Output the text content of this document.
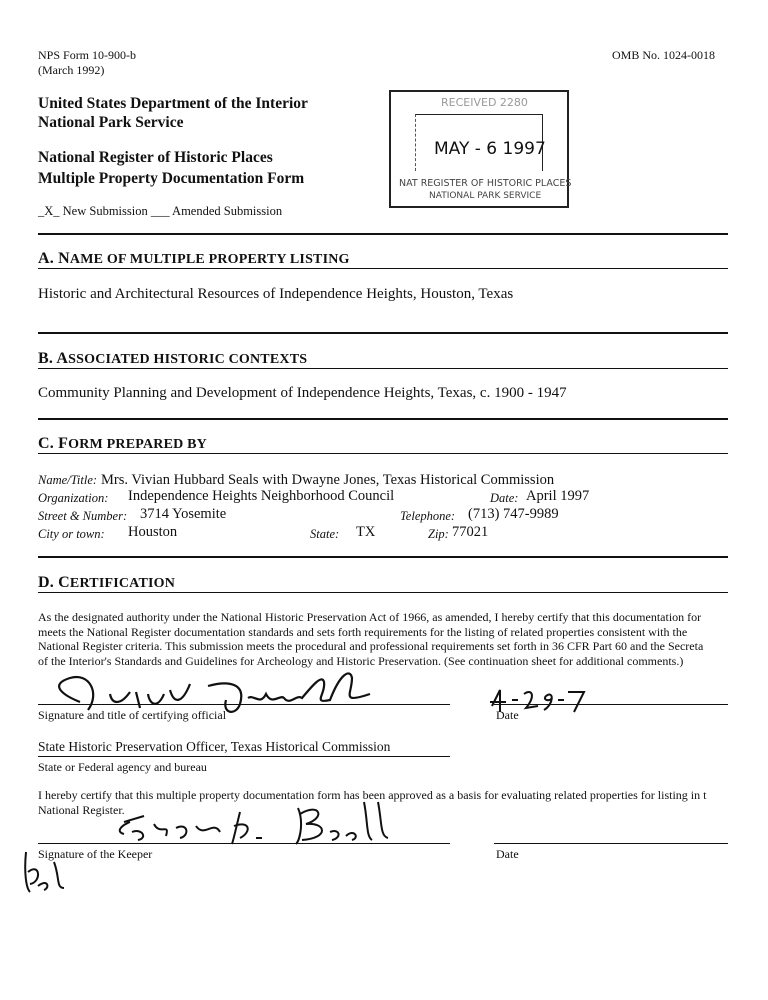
NPS Form 10-900-b
(March 1992)
OMB No. 1024-0018
United States Department of the Interior
National Park Service
National Register of Historic Places
Multiple Property Documentation Form
_X_ New Submission ___ Amended Submission
RECEIVED 2280
MAY - 6 1997
NAT REGISTER OF HISTORIC PLACES
NATIONAL PARK SERVICE
A. NAME OF MULTIPLE PROPERTY LISTING
Historic and Architectural Resources of Independence Heights, Houston, Texas
B. ASSOCIATED HISTORIC CONTEXTS
Community Planning and Development of Independence Heights, Texas, c. 1900 - 1947
C. FORM PREPARED BY
Name/Title: Mrs. Vivian Hubbard Seals with Dwayne Jones, Texas Historical Commission
Organization: Independence Heights Neighborhood Council	Date: April 1997
Street & Number: 3714 Yosemite	Telephone: (713) 747-9989
City or town: Houston	State: TX	Zip: 77021
D. CERTIFICATION
As the designated authority under the National Historic Preservation Act of 1966, as amended, I hereby certify that this documentation for
meets the National Register documentation standards and sets forth requirements for the listing of related properties consistent with the
National Register criteria. This submission meets the procedural and professional requirements set forth in 36 CFR Part 60 and the Secreta
of the Interior's Standards and Guidelines for Archeology and Historic Preservation. (See continuation sheet for additional comments.)
Signature and title of certifying official	Date
State Historic Preservation Officer, Texas Historical Commission
State or Federal agency and bureau
I hereby certify that this multiple property documentation form has been approved as a basis for evaluating related properties for listing in t
National Register.
Signature of the Keeper	Date
